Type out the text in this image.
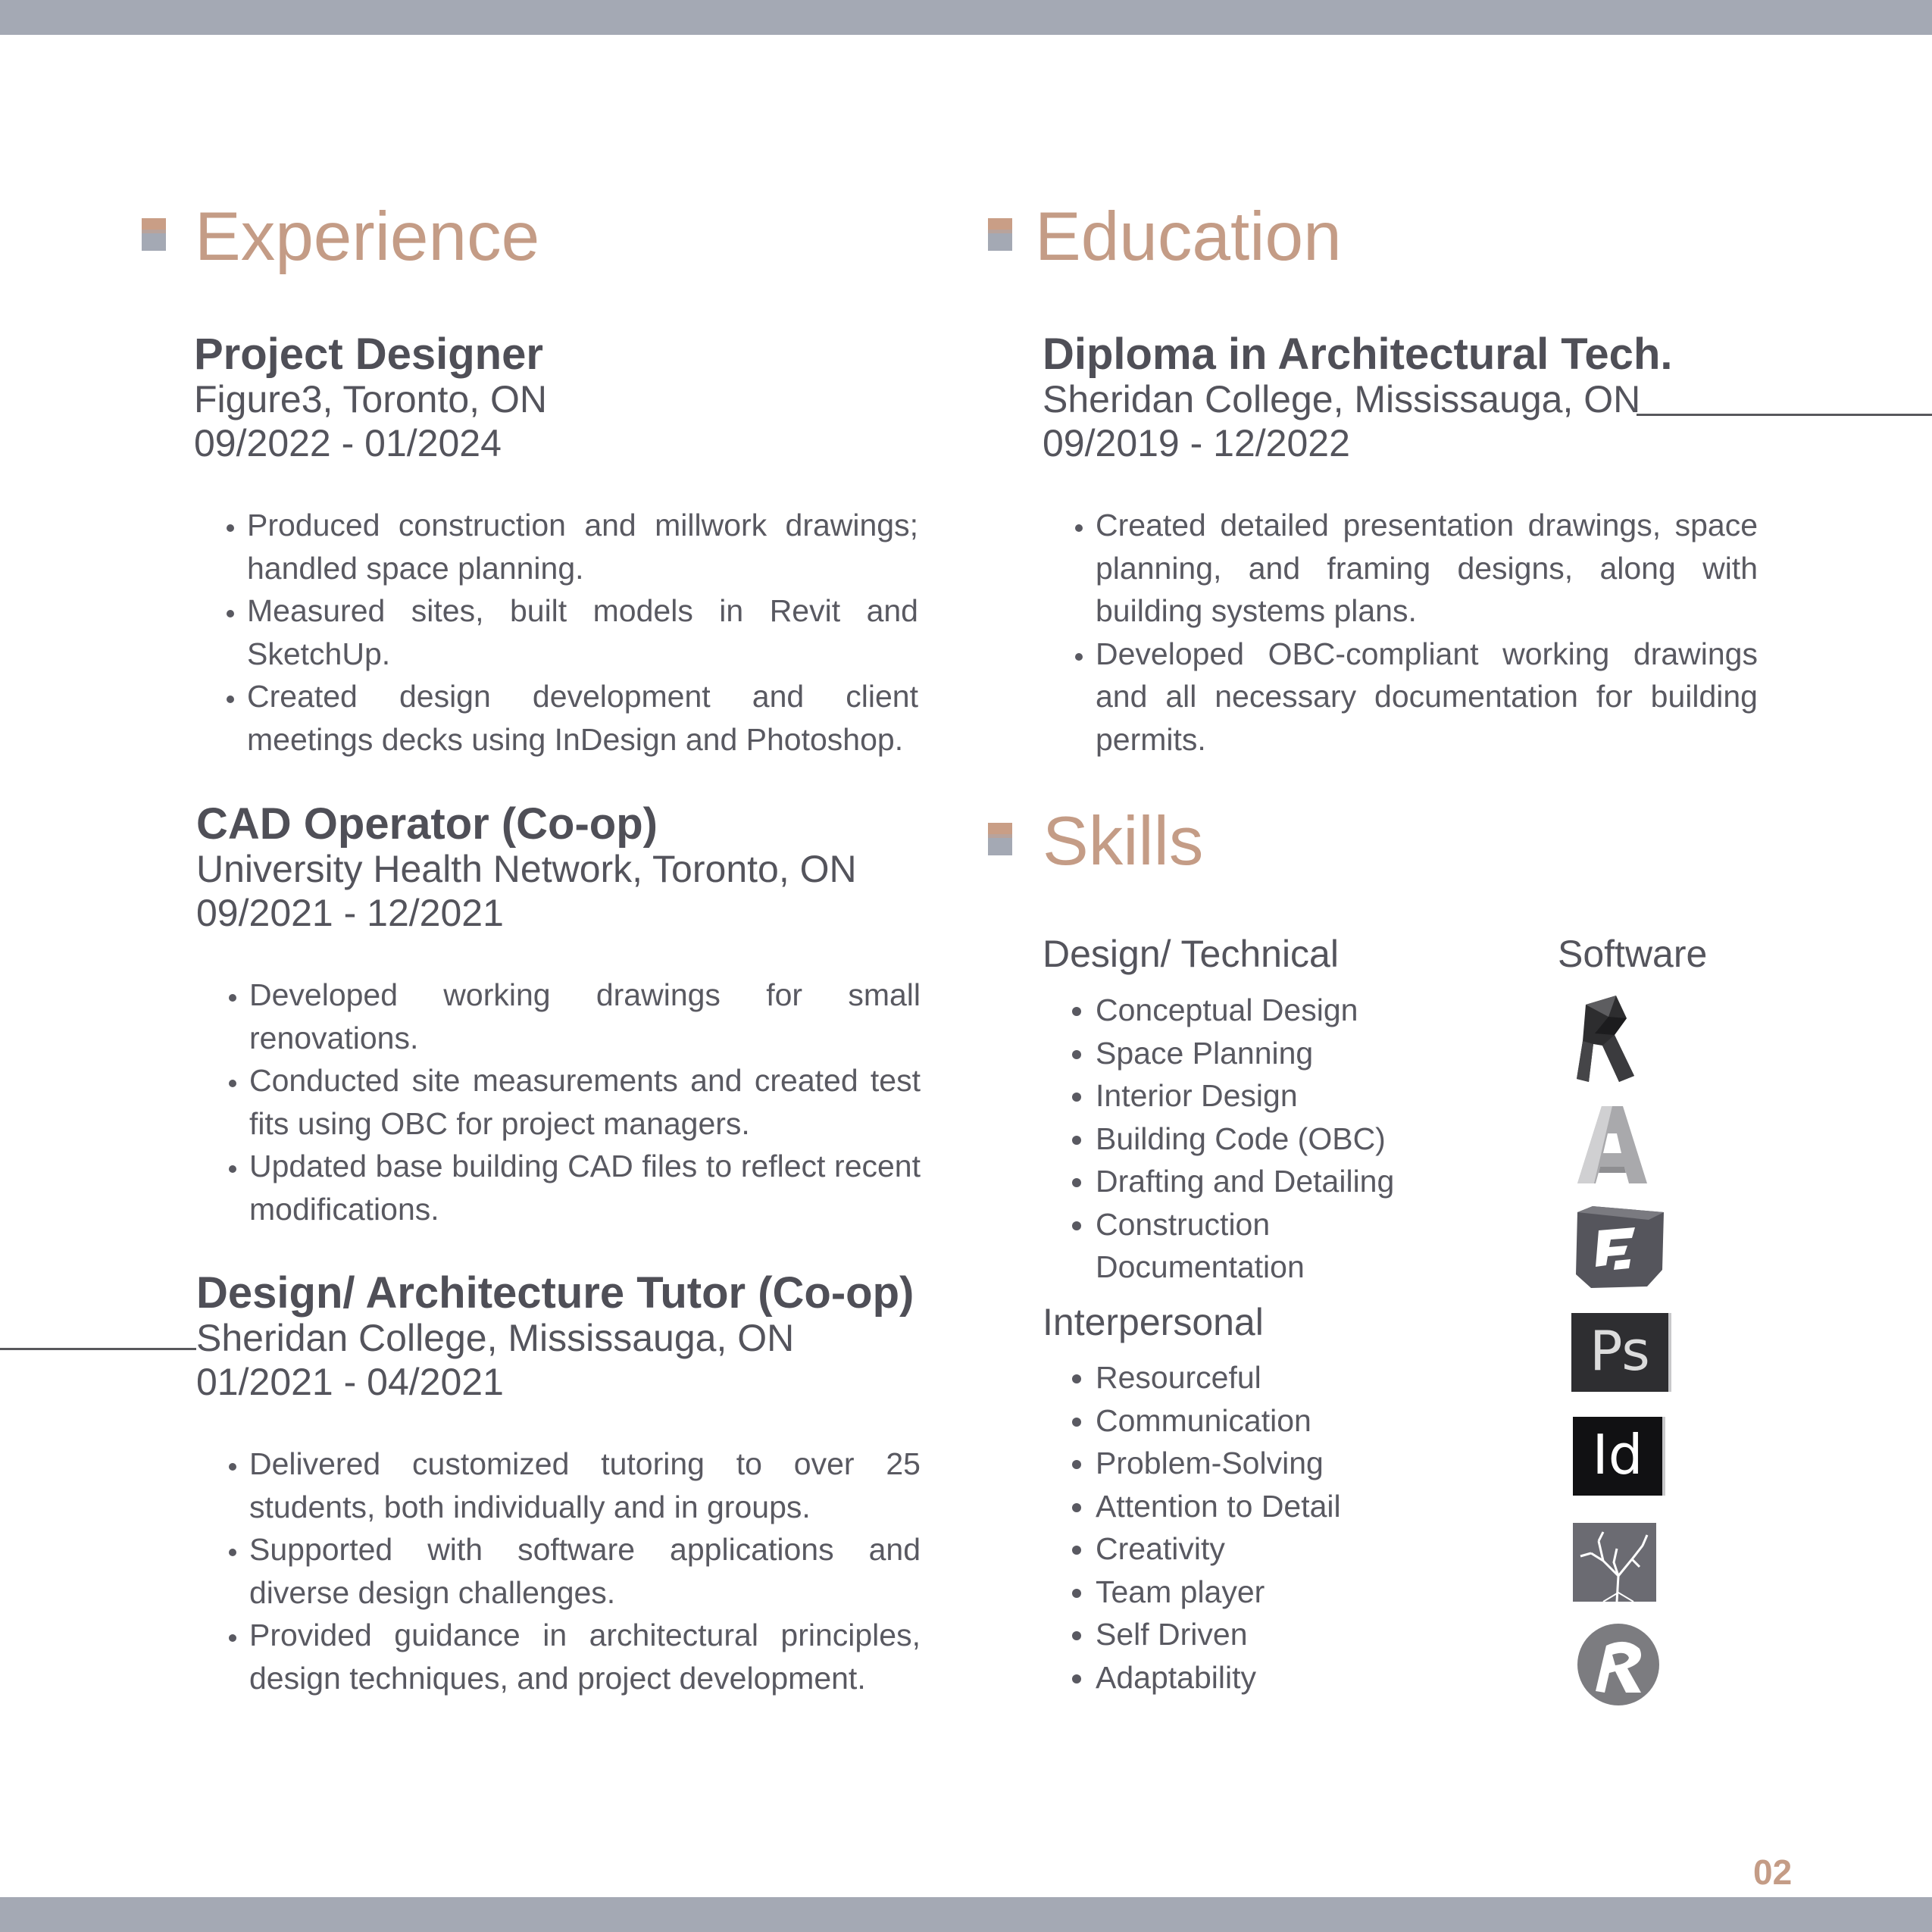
Experience
Project Designer
Figure3, Toronto, ON
09/2022 - 01/2024
• Produced construction and millwork drawings; handled space planning.
• Measured sites, built models in Revit and SketchUp.
• Created design development and client meetings decks using InDesign and Photoshop.
CAD Operator (Co-op)
University Health Network, Toronto, ON
09/2021 - 12/2021
• Developed working drawings for small renovations.
• Conducted site measurements and created test fits using OBC for project managers.
• Updated base building CAD files to reflect recent modifications.
Design/ Architecture Tutor (Co-op)
Sheridan College, Mississauga, ON
01/2021 - 04/2021
• Delivered customized tutoring to over 25 students, both individually and in groups.
• Supported with software applications and diverse design challenges.
• Provided guidance in architectural principles, design techniques, and project development.
Education
Diploma in Architectural Tech.
Sheridan College, Mississauga, ON
09/2019 - 12/2022
• Created detailed presentation drawings, space planning, and framing designs, along with building systems plans.
• Developed OBC-compliant working drawings and all necessary documentation for building permits.
Skills
Design/ Technical
• Conceptual Design
• Space Planning
• Interior Design
• Building Code (OBC)
• Drafting and Detailing
• Construction Documentation
Interpersonal
• Resourceful
• Communication
• Problem-Solving
• Attention to Detail
• Creativity
• Team player
• Self Driven
• Adaptability
Software
Ps
Id
02
